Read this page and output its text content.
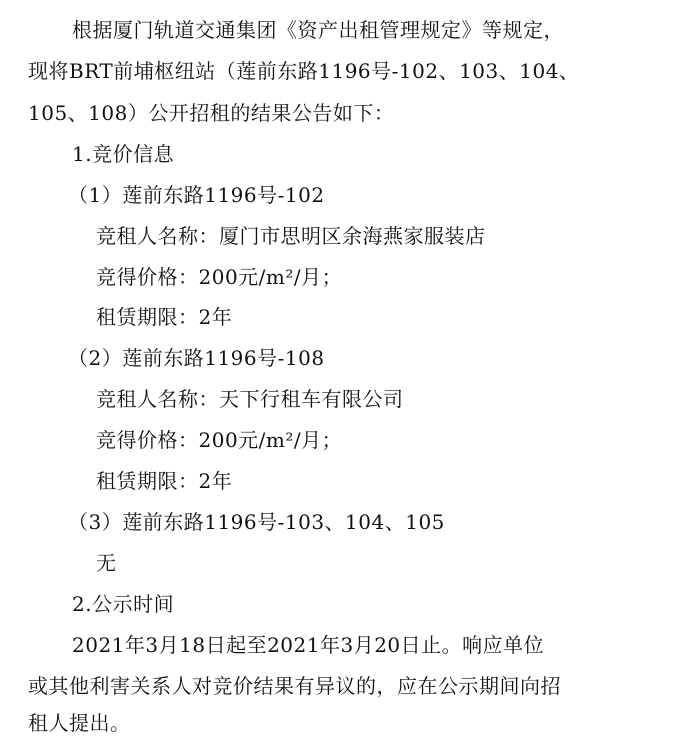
根据厦门轨道交通集团《资产出租管理规定》等规定，
现将BRT前埔枢纽站（莲前东路1196号-102、103、104、
105、108）公开招租的结果公告如下：
1.竞价信息
（1）莲前东路1196号-102
竞租人名称：厦门市思明区余海燕家服装店
竞得价格：200元/m²/月；
租赁期限：2年
（2）莲前东路1196号-108
竞租人名称：天下行租车有限公司
竞得价格：200元/m²/月；
租赁期限：2年
（3）莲前东路1196号-103、104、105
无
2.公示时间
2021年3月18日起至2021年3月20日止。响应单位
或其他利害关系人对竞价结果有异议的，应在公示期间向招
租人提出。
